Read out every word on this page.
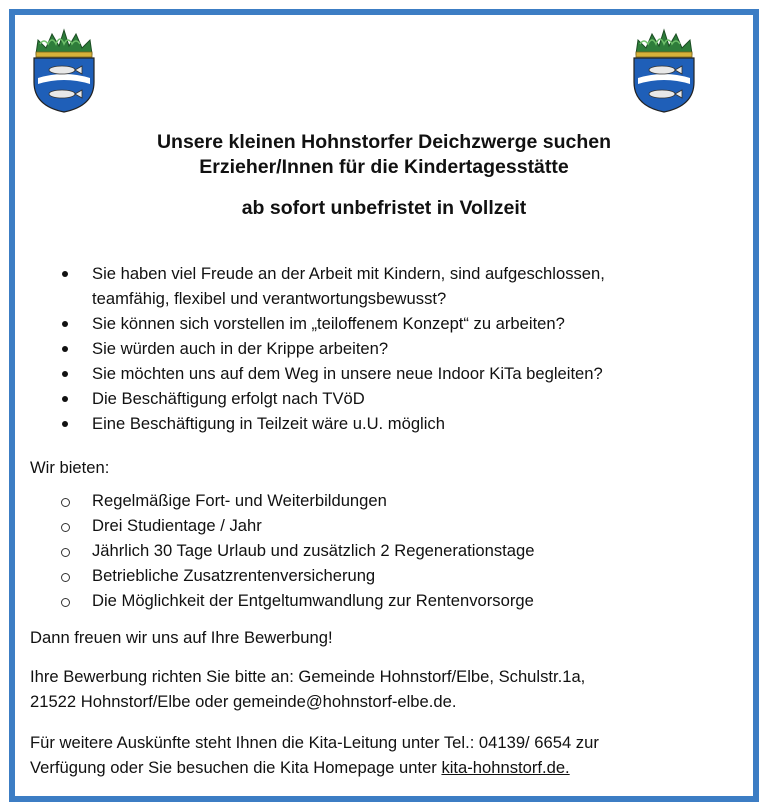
Unsere kleinen Hohnstorfer Deichzwerge suchen
Erzieher/Innen für die Kindertagesstätte
ab sofort unbefristet in Vollzeit
Sie haben viel Freude an der Arbeit mit Kindern, sind aufgeschlossen,
teamfähig, flexibel und verantwortungsbewusst?
Sie können sich vorstellen im „teiloffenem Konzept“ zu arbeiten?
Sie würden auch in der Krippe arbeiten?
Sie möchten uns auf dem Weg in unsere neue Indoor KiTa begleiten?
Die Beschäftigung erfolgt nach TVöD
Eine Beschäftigung in Teilzeit wäre u.U. möglich
Wir bieten:
Regelmäßige Fort- und Weiterbildungen
Drei Studientage / Jahr
Jährlich 30 Tage Urlaub und zusätzlich 2 Regenerationstage
Betriebliche Zusatzrentenversicherung
Die Möglichkeit der Entgeltumwandlung zur Rentenvorsorge
Dann freuen wir uns auf Ihre Bewerbung!
Ihre Bewerbung richten Sie bitte an: Gemeinde Hohnstorf/Elbe, Schulstr.1a,
21522 Hohnstorf/Elbe oder gemeinde@hohnstorf-elbe.de.
Für weitere Auskünfte steht Ihnen die Kita-Leitung unter Tel.: 04139/ 6654 zur
Verfügung oder Sie besuchen die Kita Homepage unter kita-hohnstorf.de.
